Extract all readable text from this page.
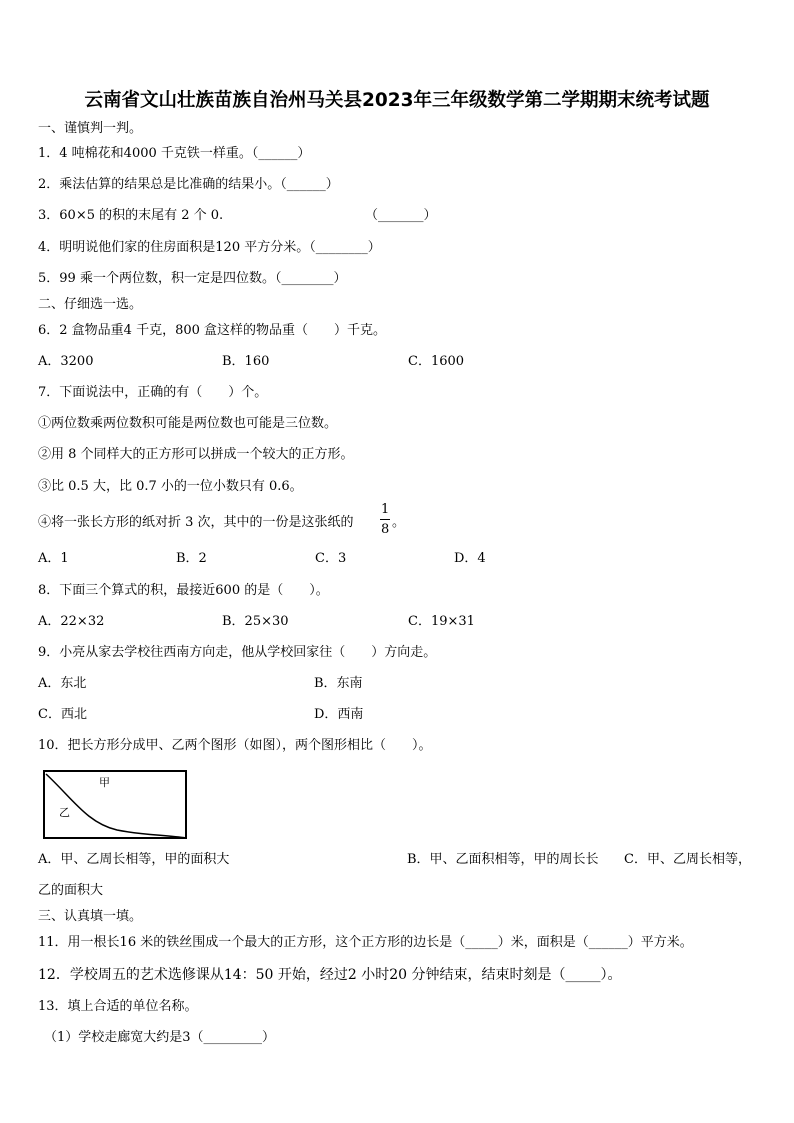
云南省文山壮族苗族自治州马关县2023年三年级数学第二学期期末统考试题
一、谨慎判一判。
1．4 吨棉花和4000 千克铁一样重。（______）
2．乘法估算的结果总是比准确的结果小。（______）
3．60×5 的积的末尾有 2 个 0.	（_______）
4．明明说他们家的住房面积是120 平方分米。（________）
5．99 乘一个两位数，积一定是四位数。（________）
二、仔细选一选。
6．2 盒物品重4 千克，800 盒这样的物品重（　　）千克。
A．3200	B．160	C．1600
7．下面说法中，正确的有（　　）个。
①两位数乘两位数积可能是两位数也可能是三位数。
②用 8 个同样大的正方形可以拼成一个较大的正方形。
③比 0.5 大，比 0.7 小的一位小数只有 0.6。
④将一张长方形的纸对折 3 次，其中的一份是这张纸的
1
8 。
A．1	B．2	C．3	D．4
8．下面三个算式的积，最接近600 的是（　　）。
A．22×32	B．25×30	C．19×31
9．小亮从家去学校往西南方向走，他从学校回家往（　　）方向走。
A．东北	B．东南
C．西北	D．西南
10．把长方形分成甲、乙两个图形（如图），两个图形相比（　　）。
甲
乙
A．甲、乙周长相等，甲的面积大	B．甲、乙面积相等，甲的周长长 C．甲、乙周长相等，
乙的面积大
三、认真填一填。
11．用一根长16 米的铁丝围成一个最大的正方形，这个正方形的边长是（_____）米，面积是（______）平方米。
12．学校周五的艺术选修课从14：50 开始，经过2 小时20 分钟结束，结束时刻是（_____）。
13．填上合适的单位名称。
（1）学校走廊宽大约是3（_________）
